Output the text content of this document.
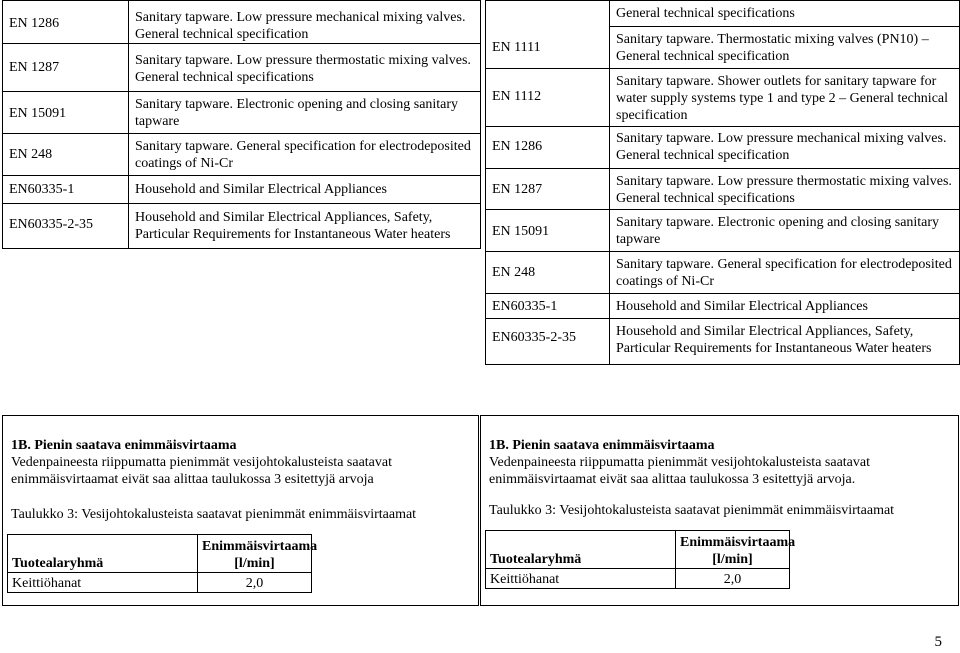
EN 1286	Sanitary tapware. Low pressure mechanical mixing valves. General technical specification
EN 1287	Sanitary tapware. Low pressure thermostatic mixing valves. General technical specifications
EN 15091	Sanitary tapware. Electronic opening and closing sanitary tapware
EN 248	Sanitary tapware. General specification for electrodeposited coatings of Ni-Cr
EN60335-1	Household and Similar Electrical Appliances
EN60335-2-35	Household and Similar Electrical Appliances, Safety, Particular Requirements for Instantaneous Water heaters
EN 1111	General technical specifications
	Sanitary tapware. Thermostatic mixing valves (PN10) – General technical specification
EN 1112	Sanitary tapware. Shower outlets for sanitary tapware for water supply systems type 1 and type 2 – General technical specification
EN 1286	Sanitary tapware. Low pressure mechanical mixing valves. General technical specification
EN 1287	Sanitary tapware. Low pressure thermostatic mixing valves. General technical specifications
EN 15091	Sanitary tapware. Electronic opening and closing sanitary tapware
EN 248	Sanitary tapware. General specification for electrodeposited coatings of Ni-Cr
EN60335-1	Household and Similar Electrical Appliances
EN60335-2-35	Household and Similar Electrical Appliances, Safety, Particular Requirements for Instantaneous Water heaters
1B. Pienin saatava enimmäisvirtaama
Vedenpaineesta riippumatta pienimmät vesijohtokalusteista saatavat enimmäisvirtaamat eivät saa alittaa taulukossa 3 esitettyjä arvoja
Taulukko 3: Vesijohtokalusteista saatavat pienimmät enimmäisvirtaamat
Tuotealaryhmä	Enimmäisvirtaama
[l/min]

Keittiöhanat	2,0
1B. Pienin saatava enimmäisvirtaama
Vedenpaineesta riippumatta pienimmät vesijohtokalusteista saatavat enimmäisvirtaamat eivät saa alittaa taulukossa 3 esitettyjä arvoja.
Taulukko 3: Vesijohtokalusteista saatavat pienimmät enimmäisvirtaamat
Tuotealaryhmä	Enimmäisvirtaama
[l/min]

Keittiöhanat	2,0
5
